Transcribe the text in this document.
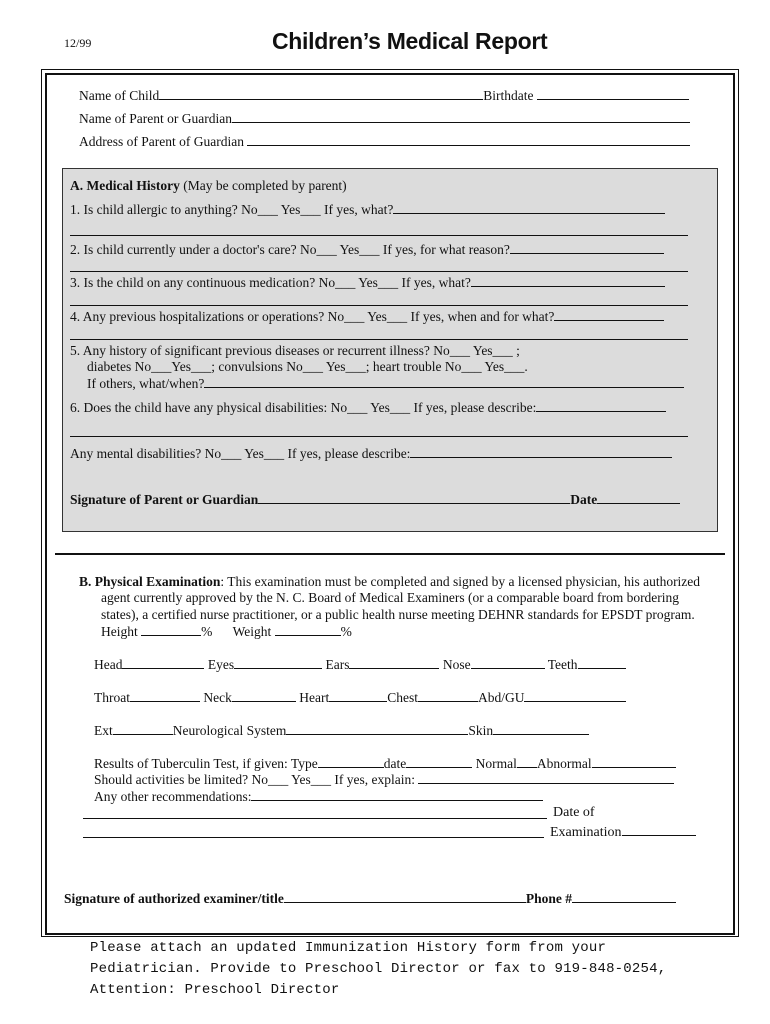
12/99	Children’s Medical Report
Name of Child	Birthdate
Name of Parent or Guardian
Address of Parent of Guardian
A. Medical History (May be completed by parent)
1. Is child allergic to anything? No___ Yes___ If yes, what?
2. Is child currently under a doctor's care? No___ Yes___ If yes, for what reason?
3. Is the child on any continuous medication? No___ Yes___ If yes, what?
4. Any previous hospitalizations or operations? No___ Yes___ If yes, when and for what?
5. Any history of significant previous diseases or recurrent illness? No___ Yes___ ;
diabetes No___Yes___; convulsions No___ Yes___; heart trouble No___ Yes___.
If others, what/when?
6. Does the child have any physical disabilities: No___ Yes___ If yes, please describe:
Any mental disabilities? No___ Yes___ If yes, please describe:
Signature of Parent or Guardian	Date
B. Physical Examination: This examination must be completed and signed by a licensed physician, his authorized
agent currently approved by the N. C. Board of Medical Examiners (or a comparable board from bordering
states), a certified nurse practitioner, or a public health nurse meeting DEHNR standards for EPSDT program.
Height	% Weight	%
Head	Eyes	Ears	Nose	Teeth
Throat	Neck	Heart	Chest	Abd/GU
Ext	Neurological System	Skin
Results of Tuberculin Test, if given: Type	date	Normal Abnormal
Should activities be limited? No___ Yes___ If yes, explain:
Any other recommendations:
Date of
Examination
Signature of authorized examiner/title	Phone #
Please attach an updated Immunization History form from your
Pediatrician. Provide to Preschool Director or fax to 919-848-0254,
Attention: Preschool Director
